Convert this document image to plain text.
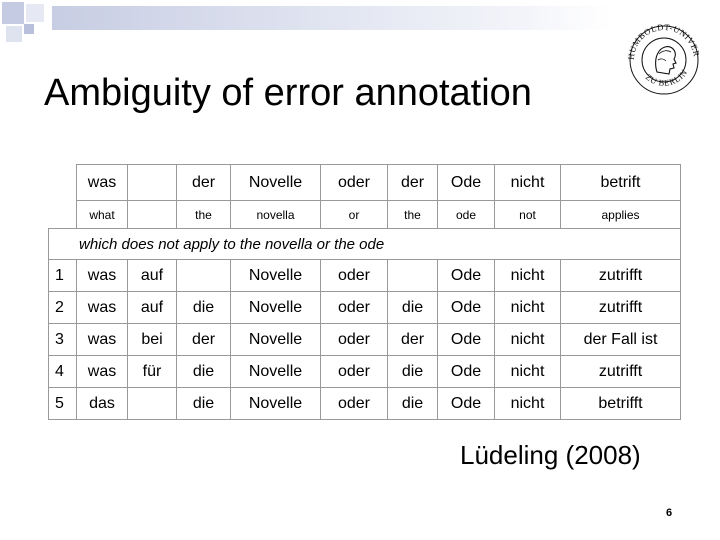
Ambiguity of error annotation
HUMBOLDT-UNIVER
ZU BERLIN
	was		der	Novelle	oder	der	Ode	nicht	betrift
	what		the	novella	or	the	ode	not	applies
which does not apply to the novella or the ode									
1	was	auf		Novelle	oder		Ode	nicht	zutrifft
2	was	auf	die	Novelle	oder	die	Ode	nicht	zutrifft
3	was	bei	der	Novelle	oder	der	Ode	nicht	der Fall ist
4	was	für	die	Novelle	oder	die	Ode	nicht	zutrifft
5	das		die	Novelle	oder	die	Ode	nicht	betrifft
Lüdeling (2008)
6
